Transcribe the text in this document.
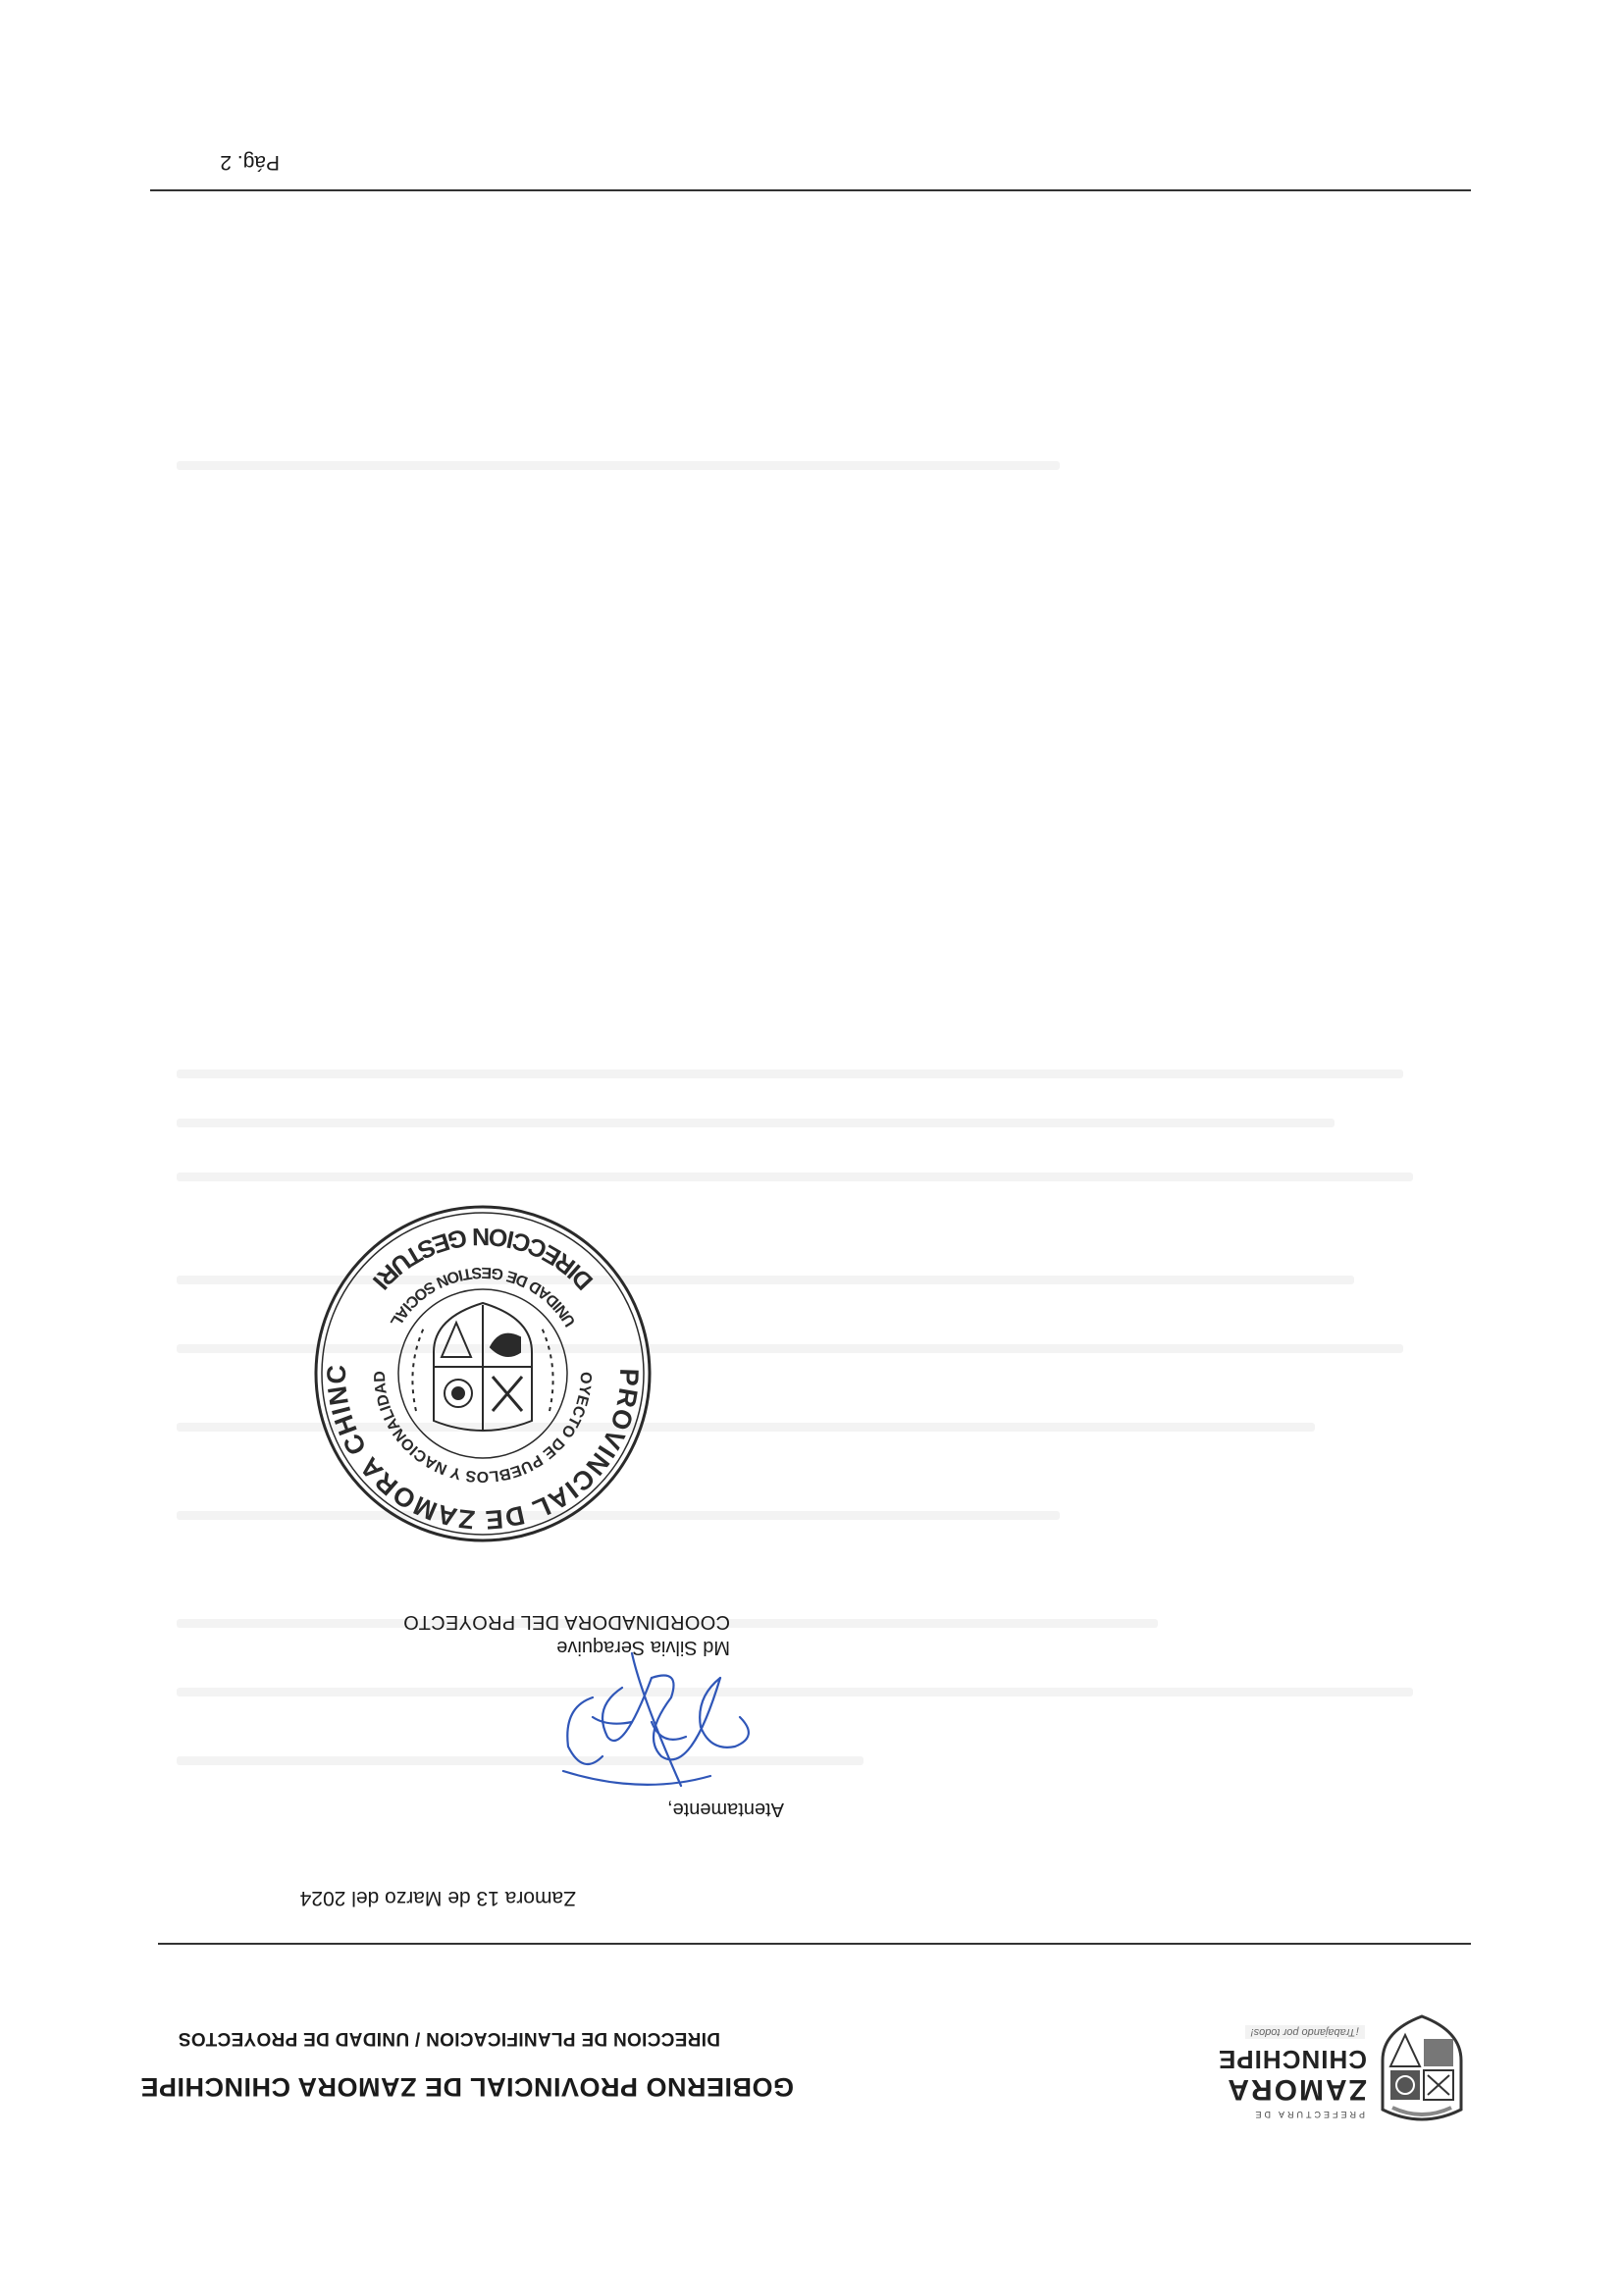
PREFECTURA DE
ZAMORA
CHINCHIPE
¡Trabajando por todos!
GOBIERNO PROVINCIAL DE ZAMORA CHINCHIPE
DIRECCION DE PLANIFICACION / UNIDAD DE PROYECTOS
Zamora 13 de Marzo del 2024
Atentamente,
Md Silvia Seraquive
COORDINADORA DEL PROYECTO
PROVINCIAL DE ZAMORA CHINC	OYECTO DE PUEBLOS Y NACIONALIDAD
UNIDAD DE GESTION SOCIAL
DIRECCION GESTURI
Pág. 2
